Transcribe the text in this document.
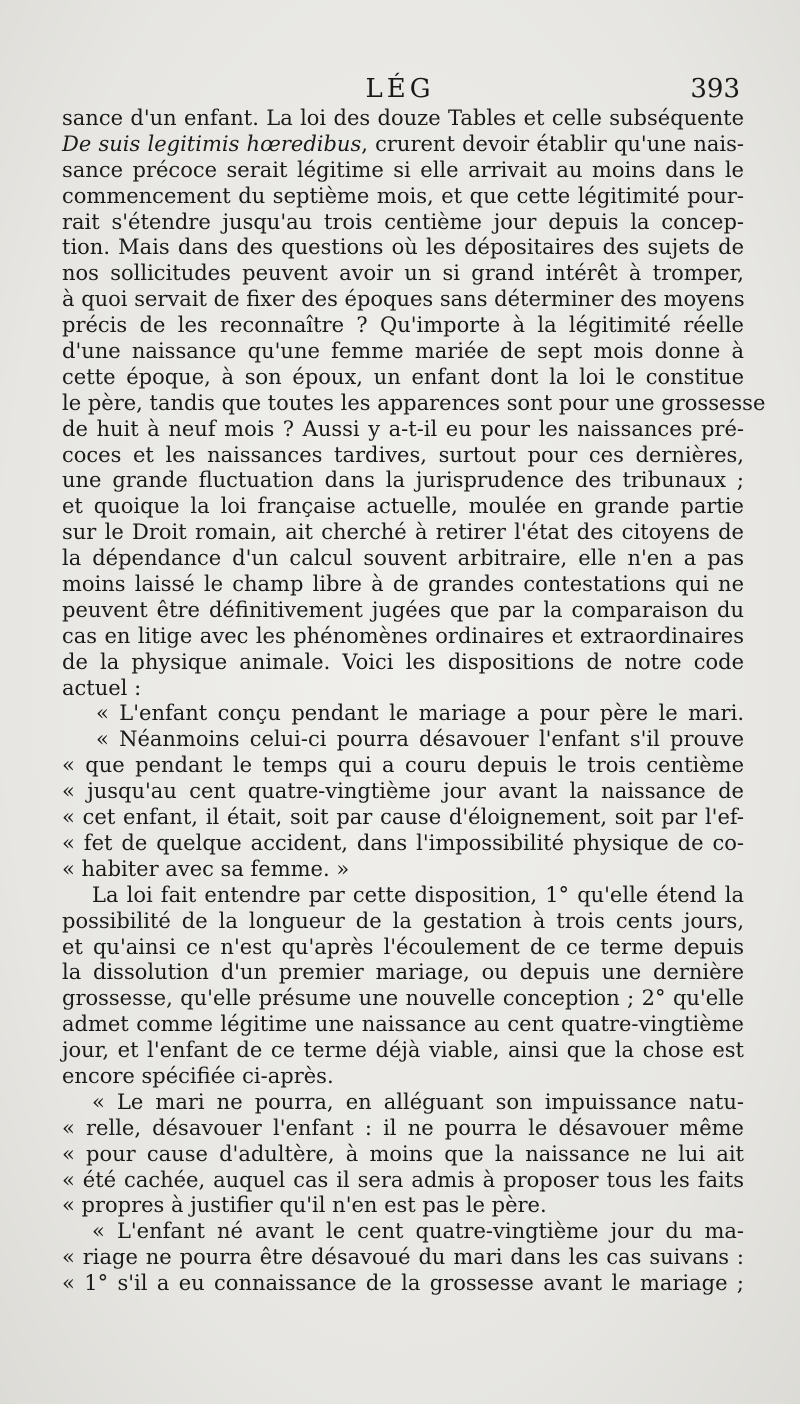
LÉG	393
sance d'un enfant. La loi des douze Tables et celle subséquente
De suis legitimis hœredibus, crurent devoir établir qu'une nais-
sance précoce serait légitime si elle arrivait au moins dans le
commencement du septième mois, et que cette légitimité pour-
rait s'étendre jusqu'au trois centième jour depuis la concep-
tion. Mais dans des questions où les dépositaires des sujets de
nos sollicitudes peuvent avoir un si grand intérêt à tromper,
à quoi servait de fixer des époques sans déterminer des moyens
précis de les reconnaître ? Qu'importe à la légitimité réelle
d'une naissance qu'une femme mariée de sept mois donne à
cette époque, à son époux, un enfant dont la loi le constitue
le père, tandis que toutes les apparences sont pour une grossesse
de huit à neuf mois ? Aussi y a-t-il eu pour les naissances pré-
coces et les naissances tardives, surtout pour ces dernières,
une grande fluctuation dans la jurisprudence des tribunaux ;
et quoique la loi française actuelle, moulée en grande partie
sur le Droit romain, ait cherché à retirer l'état des citoyens de
la dépendance d'un calcul souvent arbitraire, elle n'en a pas
moins laissé le champ libre à de grandes contestations qui ne
peuvent être définitivement jugées que par la comparaison du
cas en litige avec les phénomènes ordinaires et extraordinaires
de la physique animale. Voici les dispositions de notre code
actuel :
« L'enfant conçu pendant le mariage a pour père le mari.
« Néanmoins celui-ci pourra désavouer l'enfant s'il prouve
« que pendant le temps qui a couru depuis le trois centième
« jusqu'au cent quatre-vingtième jour avant la naissance de
« cet enfant, il était, soit par cause d'éloignement, soit par l'ef-
« fet de quelque accident, dans l'impossibilité physique de co-
« habiter avec sa femme. »
La loi fait entendre par cette disposition, 1° qu'elle étend la
possibilité de la longueur de la gestation à trois cents jours,
et qu'ainsi ce n'est qu'après l'écoulement de ce terme depuis
la dissolution d'un premier mariage, ou depuis une dernière
grossesse, qu'elle présume une nouvelle conception ; 2° qu'elle
admet comme légitime une naissance au cent quatre-vingtième
jour, et l'enfant de ce terme déjà viable, ainsi que la chose est
encore spécifiée ci-après.
« Le mari ne pourra, en alléguant son impuissance natu-
« relle, désavouer l'enfant : il ne pourra le désavouer même
« pour cause d'adultère, à moins que la naissance ne lui ait
« été cachée, auquel cas il sera admis à proposer tous les faits
« propres à justifier qu'il n'en est pas le père.
« L'enfant né avant le cent quatre-vingtième jour du ma-
« riage ne pourra être désavoué du mari dans les cas suivans :
« 1° s'il a eu connaissance de la grossesse avant le mariage ;
